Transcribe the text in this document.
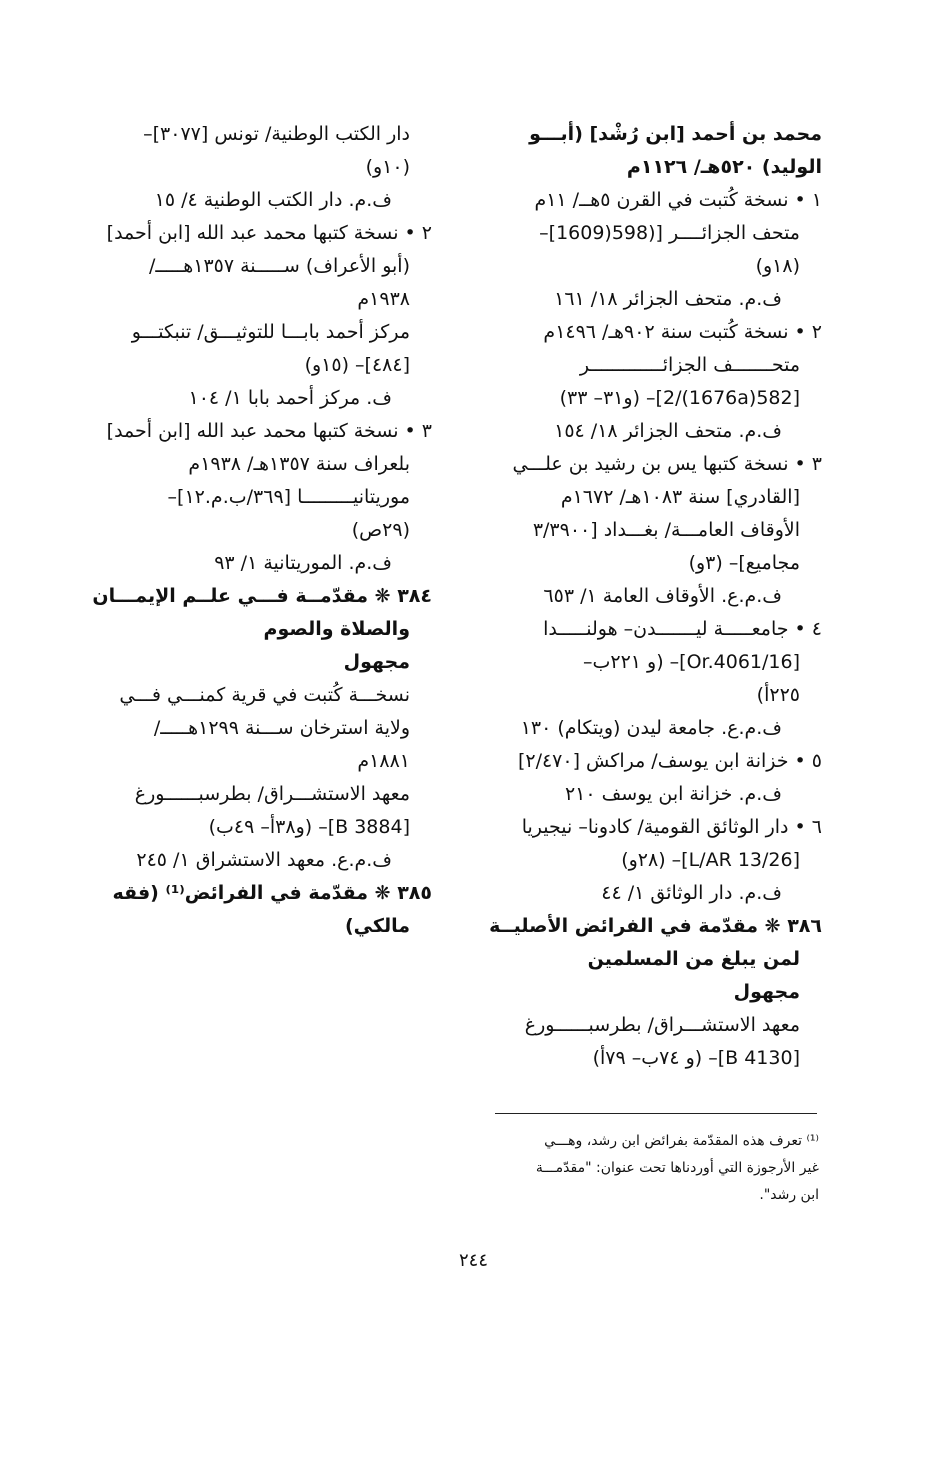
محمد بن أحمد [ابن رُشْد] (أبـــو
الوليد) ٥٢٠هـ/ ١١٢٦م
١ • نسخة كُتبت في القرن ٥هــ/ ١١م
متحف الجزائــــر [(598(1609]–
(١٨و)
ف.م. متحف الجزائر ١٨/ ١٦١
٢ • نسخة كُتبت سنة ٩٠٢هـ/ ١٤٩٦م
متحـــــــف الجزائـــــــــــــر
[582(1676a)/2]– (و٣١– ٣٣)
ف.م. متحف الجزائر ١٨/ ١٥٤
٣ • نسخة كتبها يس بن رشيد بن علـــي
[القادري] سنة ١٠٨٣هـ/ ١٦٧٢م
الأوقاف العامـــة/ بغـــداد [٣/٣٩٠٠
مجاميع]– (٣و)
ف.م.ع. الأوقاف العامة ١/ ٦٥٣
٤ • جامعـــــة ليـــــــدن– هولنـــــدا
[Or.4061/16]– (و ٢٢١ب–
٢٢٥أ)
ف.م.ع. جامعة ليدن (ويتكام) ١٣٠
٥ • خزانة ابن يوسف/ مراكش [٢/٤٧٠]
ف.م. خزانة ابن يوسف ٢١٠
٦ • دار الوثائق القومية/ كادونا– نيجيريا
[L/AR 13/26]– (٢٨و)
ف.م. دار الوثائق ١/ ٤٤
٣٨٦ ❋ مقدّمة في الفرائض الأصليــة
لمن يبلغ من المسلمين
مجهول
معهد الاستشـــراق/ بطرسبــــــورغ
[B 4130]– (و ٧٤ب– ٧٩أ)
دار الكتب الوطنية/ تونس [٣٠٧٧]–
(١٠و)
ف.م. دار الكتب الوطنية ٤/ ١٥
٢ • نسخة كتبها محمد عبد الله [ابن أحمد]
(أبو الأعراف) ســـــنة ١٣٥٧هـــــ/
١٩٣٨م
مركز أحمد بابـــا للتوثيـــق/ تنبكتـــو
[٤٨٤]– (١٥و)
ف. مركز أحمد بابا ١/ ١٠٤
٣ • نسخة كتبها محمد عبد الله [ابن أحمد]
بلعراف سنة ١٣٥٧هـ/ ١٩٣٨م
موريتانيـــــــــا [٣٦٩/ب.م.١٢]–
(٢٩ص)
ف.م. الموريتانية ١/ ٩٣
٣٨٤ ❋ مقدّمــة فـــي علــم الإيمـــان
والصلاة والصوم
مجهول
نسخـــة كُتبت في قرية كمنـــي فـــي
ولاية استرخان ســـنة ١٢٩٩هـــــ/
١٨٨١م
معهد الاستشـــراق/ بطرسبــــــورغ
[B 3884]– (و٣٨أ– ٤٩ب)
ف.م.ع. معهد الاستشراق ١/ ٢٤٥
٣٨٥ ❋ مقدّمة في الفرائض⁽¹⁾ (فقه
مالكي)
⁽¹⁾ تعرف هذه المقدّمة بفرائض ابن رشد، وهـــي
غير الأرجوزة التي أوردناها تحت عنوان: "مقدّمـــة
ابن رشد".
٢٤٤
